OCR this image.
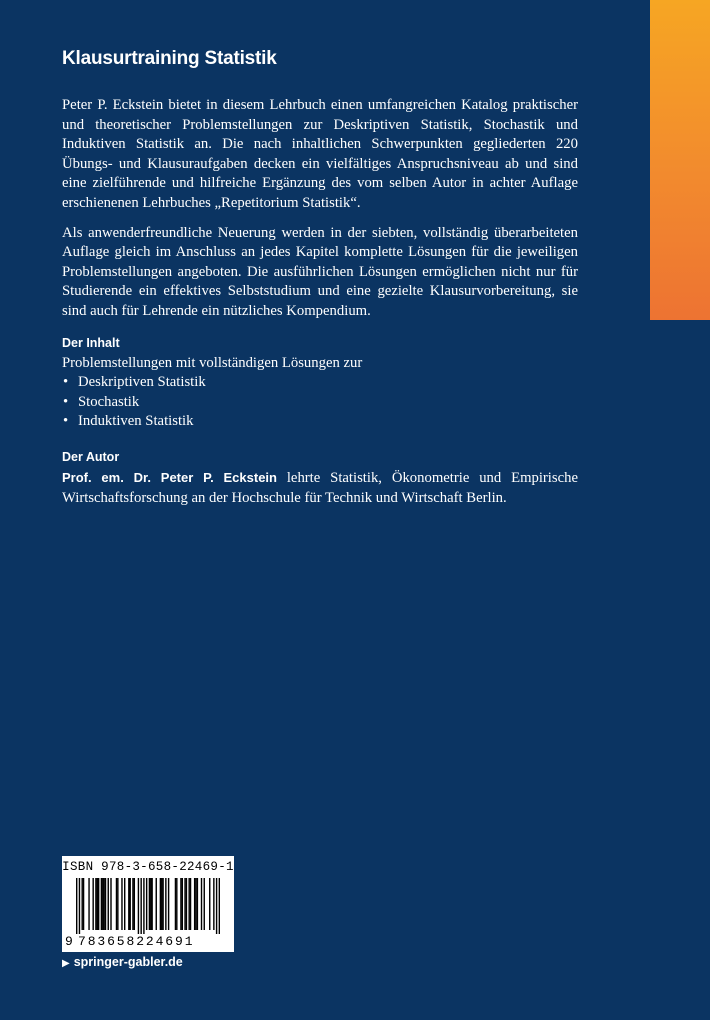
Klausurtraining Statistik

Peter P. Eckstein bietet in diesem Lehrbuch einen umfangreichen Katalog praktischer und theoretischer Problemstellungen zur Deskriptiven Statistik, Stochastik und Induktiven Statistik an. Die nach inhaltlichen Schwerpunkten gegliederten 220 Übungs- und Klausuraufgaben decken ein vielfältiges Anspruchsniveau ab und sind eine zielführende und hilfreiche Ergänzung des vom selben Autor in achter Auflage erschienenen Lehrbuches „Repetitorium Statistik“.

Als anwenderfreundliche Neuerung werden in der siebten, vollständig überarbeiteten Auflage gleich im Anschluss an jedes Kapitel komplette Lösungen für die jeweiligen Problemstellungen angeboten. Die ausführlichen Lösungen ermöglichen nicht nur für Studierende ein effektives Selbststudium und eine gezielte Klausurvorbereitung, sie sind auch für Lehrende ein nützliches Kompendium.

Der Inhalt
Problemstellungen mit vollständigen Lösungen zur
• Deskriptiven Statistik
• Stochastik
• Induktiven Statistik
Der Autor

Prof. em. Dr. Peter P. Eckstein lehrte Statistik, Ökonometrie und Empirische Wirtschaftsforschung an der Hochschule für Technik und Wirtschaft Berlin.

ISBN 978-3-658-22469-1
9 783658224691
▶ springer-gabler.de
